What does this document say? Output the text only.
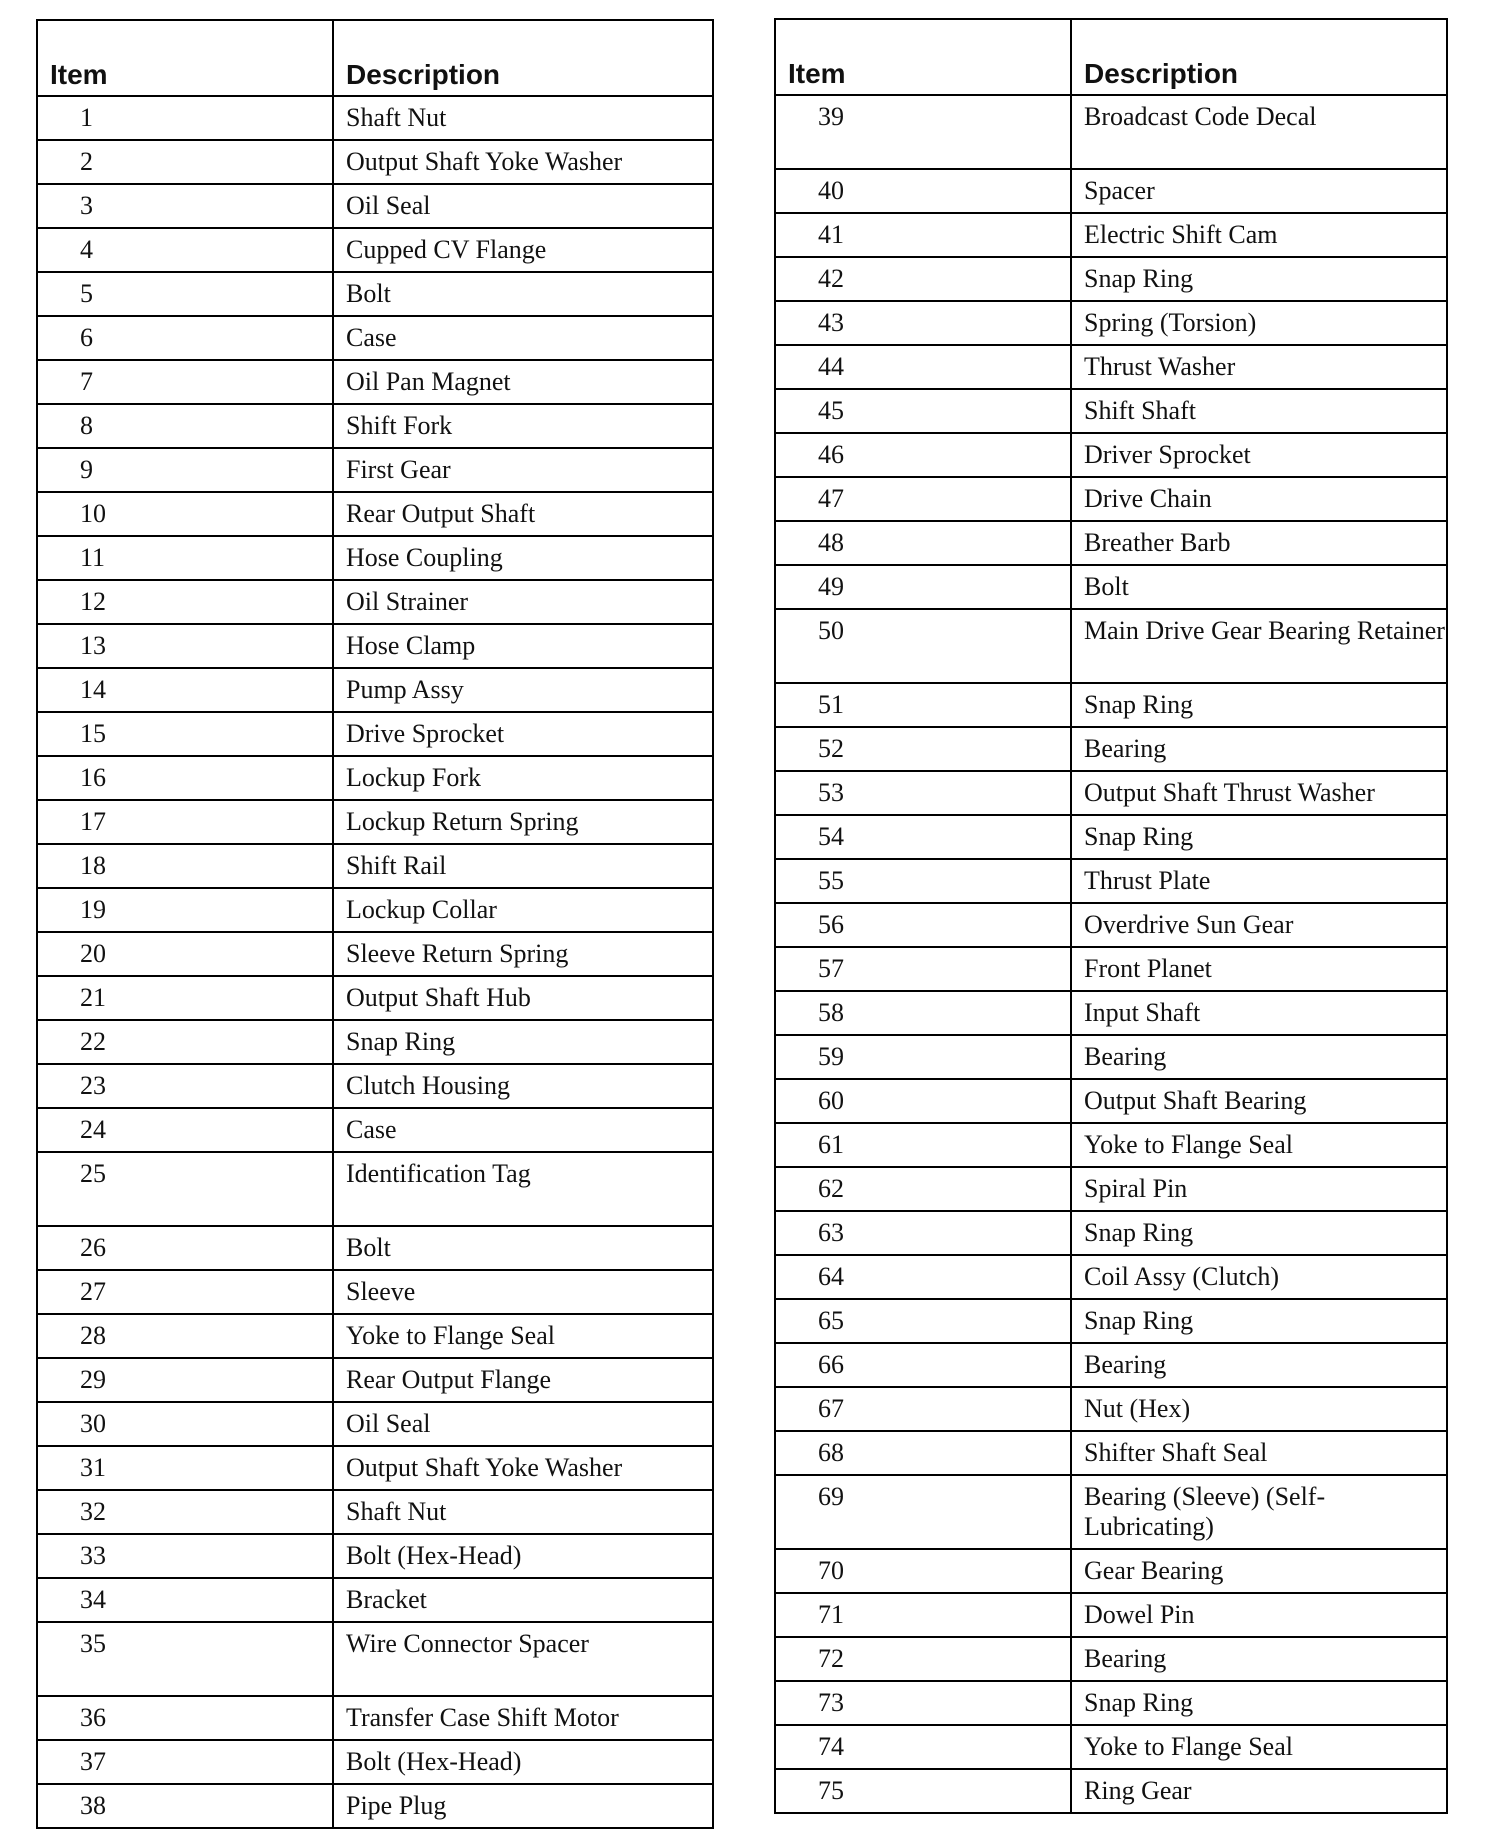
Item	Description
1	Shaft Nut
2	Output Shaft Yoke Washer
3	Oil Seal
4	Cupped CV Flange
5	Bolt
6	Case
7	Oil Pan Magnet
8	Shift Fork
9	First Gear
10	Rear Output Shaft
11	Hose Coupling
12	Oil Strainer
13	Hose Clamp
14	Pump Assy
15	Drive Sprocket
16	Lockup Fork
17	Lockup Return Spring
18	Shift Rail
19	Lockup Collar
20	Sleeve Return Spring
21	Output Shaft Hub
22	Snap Ring
23	Clutch Housing
24	Case
25	Identification Tag
26	Bolt
27	Sleeve
28	Yoke to Flange Seal
29	Rear Output Flange
30	Oil Seal
31	Output Shaft Yoke Washer
32	Shaft Nut
33	Bolt (Hex-Head)
34	Bracket
35	Wire Connector Spacer
36	Transfer Case Shift Motor
37	Bolt (Hex-Head)
38	Pipe Plug
Item	Description
39	Broadcast Code Decal
40	Spacer
41	Electric Shift Cam
42	Snap Ring
43	Spring (Torsion)
44	Thrust Washer
45	Shift Shaft
46	Driver Sprocket
47	Drive Chain
48	Breather Barb
49	Bolt
50	Main Drive Gear Bearing Retainer
51	Snap Ring
52	Bearing
53	Output Shaft Thrust Washer
54	Snap Ring
55	Thrust Plate
56	Overdrive Sun Gear
57	Front Planet
58	Input Shaft
59	Bearing
60	Output Shaft Bearing
61	Yoke to Flange Seal
62	Spiral Pin
63	Snap Ring
64	Coil Assy (Clutch)
65	Snap Ring
66	Bearing
67	Nut (Hex)
68	Shifter Shaft Seal
69	Bearing (Sleeve) (Self-Lubricating)
70	Gear Bearing
71	Dowel Pin
72	Bearing
73	Snap Ring
74	Yoke to Flange Seal
75	Ring Gear
